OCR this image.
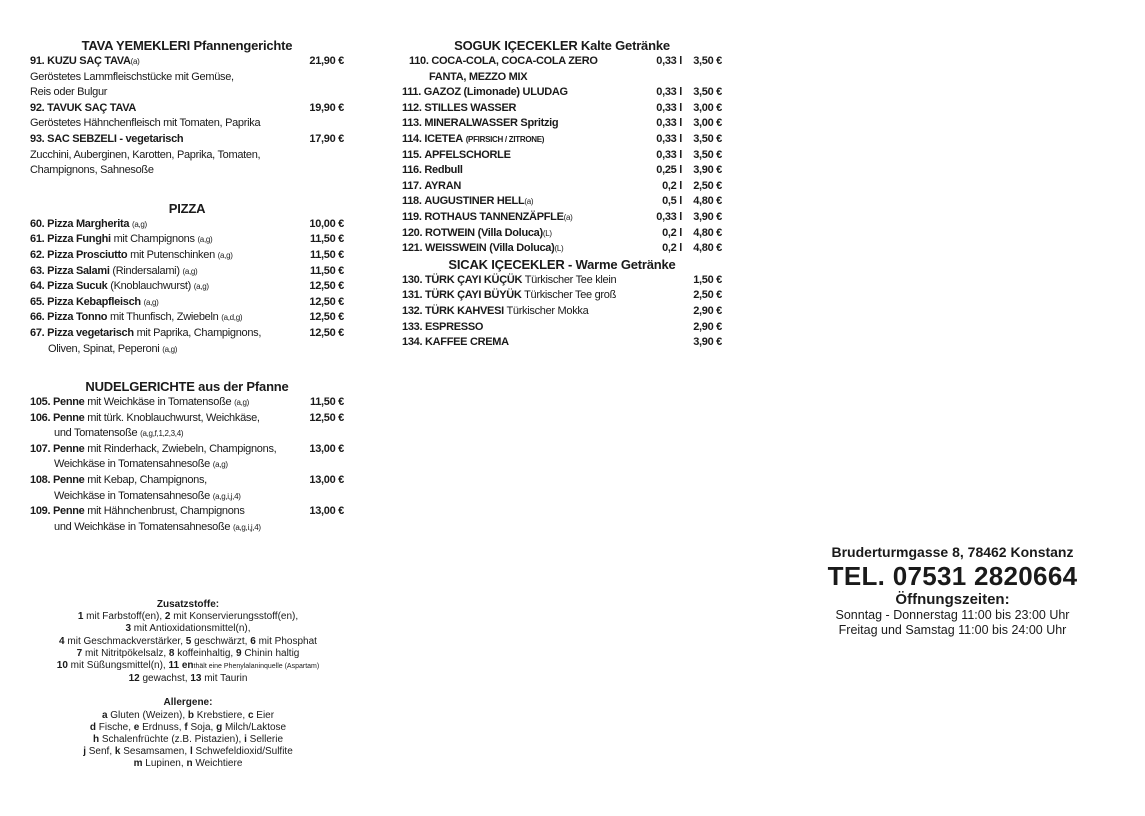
TAVA YEMEKLERI Pfannengerichte
91. KUZU SAÇ TAVA(a)	21,90 €
Geröstetes Lammfleischstücke mit Gemüse,
Reis oder Bulgur
92. TAVUK SAÇ TAVA	19,90 €
Geröstetes Hähnchenfleisch mit Tomaten, Paprika
93. SAC SEBZELI - vegetarisch	17,90 €
Zucchini, Auberginen, Karotten, Paprika, Tomaten,
Champignons, Sahnesoße
PIZZA
60. Pizza Margherita (a,g)	10,00 €
61. Pizza Funghi mit Champignons (a,g)	11,50 €
62. Pizza Prosciutto mit Putenschinken (a,g)	11,50 €
63. Pizza Salami (Rindersalami) (a,g)	11,50 €
64. Pizza Sucuk (Knoblauchwurst) (a,g)	12,50 €
65. Pizza Kebapfleisch (a,g)	12,50 €
66. Pizza Tonno mit Thunfisch, Zwiebeln (a,d,g)	12,50 €
67. Pizza vegetarisch mit Paprika, Champignons,	12,50 €
Oliven, Spinat, Peperoni (a,g)
NUDELGERICHTE aus der Pfanne
105. Penne mit Weichkäse in Tomatensoße (a,g)	11,50 €
106. Penne mit türk. Knoblauchwurst, Weichkäse,	12,50 €
und Tomatensoße (a,g,f,1,2,3,4)
107. Penne mit Rinderhack, Zwiebeln, Champignons,	13,00 €
Weichkäse in Tomatensahnesoße (a,g)
108. Penne mit Kebap, Champignons,	13,00 €
Weichkäse in Tomatensahnesoße (a,g,i,j,4)
109. Penne mit Hähnchenbrust, Champignons	13,00 €
und Weichkäse in Tomatensahnesoße (a,g,i,j,4)
SOGUK IÇECEKLER Kalte Getränke
110. COCA-COLA, COCA-COLA ZERO	0,33 l	3,50 €
FANTA, MEZZO MIX
111. GAZOZ (Limonade) ULUDAG	0,33 l	3,50 €
112. STILLES WASSER	0,33 l	3,00 €
113. MINERALWASSER Spritzig	0,33 l	3,00 €
114. ICETEA (PFIRSICH / ZITRONE)	0,33 l	3,50 €
115. APFELSCHORLE	0,33 l	3,50 €
116. Redbull	0,25 l	3,90 €
117. AYRAN	0,2 l	2,50 €
118. AUGUSTINER HELL(a)	0,5 l	4,80 €
119. ROTHAUS TANNENZÄPFLE(a)	0,33 l	3,90 €
120. ROTWEIN (Villa Doluca)(L)	0,2 l	4,80 €
121. WEISSWEIN (Villa Doluca)(L)	0,2 l	4,80 €
SICAK IÇECEKLER - Warme Getränke
130. TÜRK ÇAYI KÜÇÜK Türkischer Tee klein	1,50 €
131. TÜRK ÇAYI BÜYÜK Türkischer Tee groß	2,50 €
132. TÜRK KAHVESI Türkischer Mokka	2,90 €
133. ESPRESSO	2,90 €
134. KAFFEE CREMA	3,90 €
Zusatzstoffe:
1 mit Farbstoff(en), 2 mit Konservierungsstoff(en),
3 mit Antioxidationsmittel(n),
4 mit Geschmackverstärker, 5 geschwärzt, 6 mit Phosphat
7 mit Nitritpökelsalz, 8 koffeinhaltig, 9 Chinin haltig
10 mit Süßungsmittel(n), 11 enthält eine Phenylalaninquelle (Aspartam)
12 gewachst, 13 mit Taurin
Allergene:
a Gluten (Weizen), b Krebstiere, c Eier
d Fische, e Erdnuss, f Soja, g Milch/Laktose
h Schalenfrüchte (z.B. Pistazien), i Sellerie
j Senf, k Sesamsamen, l Schwefeldioxid/Sulfite
m Lupinen, n Weichtiere
Bruderturmgasse 8, 78462 Konstanz
TEL. 07531 2820664
Öffnungszeiten:
Sonntag - Donnerstag 11:00 bis 23:00 Uhr
Freitag und Samstag 11:00 bis 24:00 Uhr
